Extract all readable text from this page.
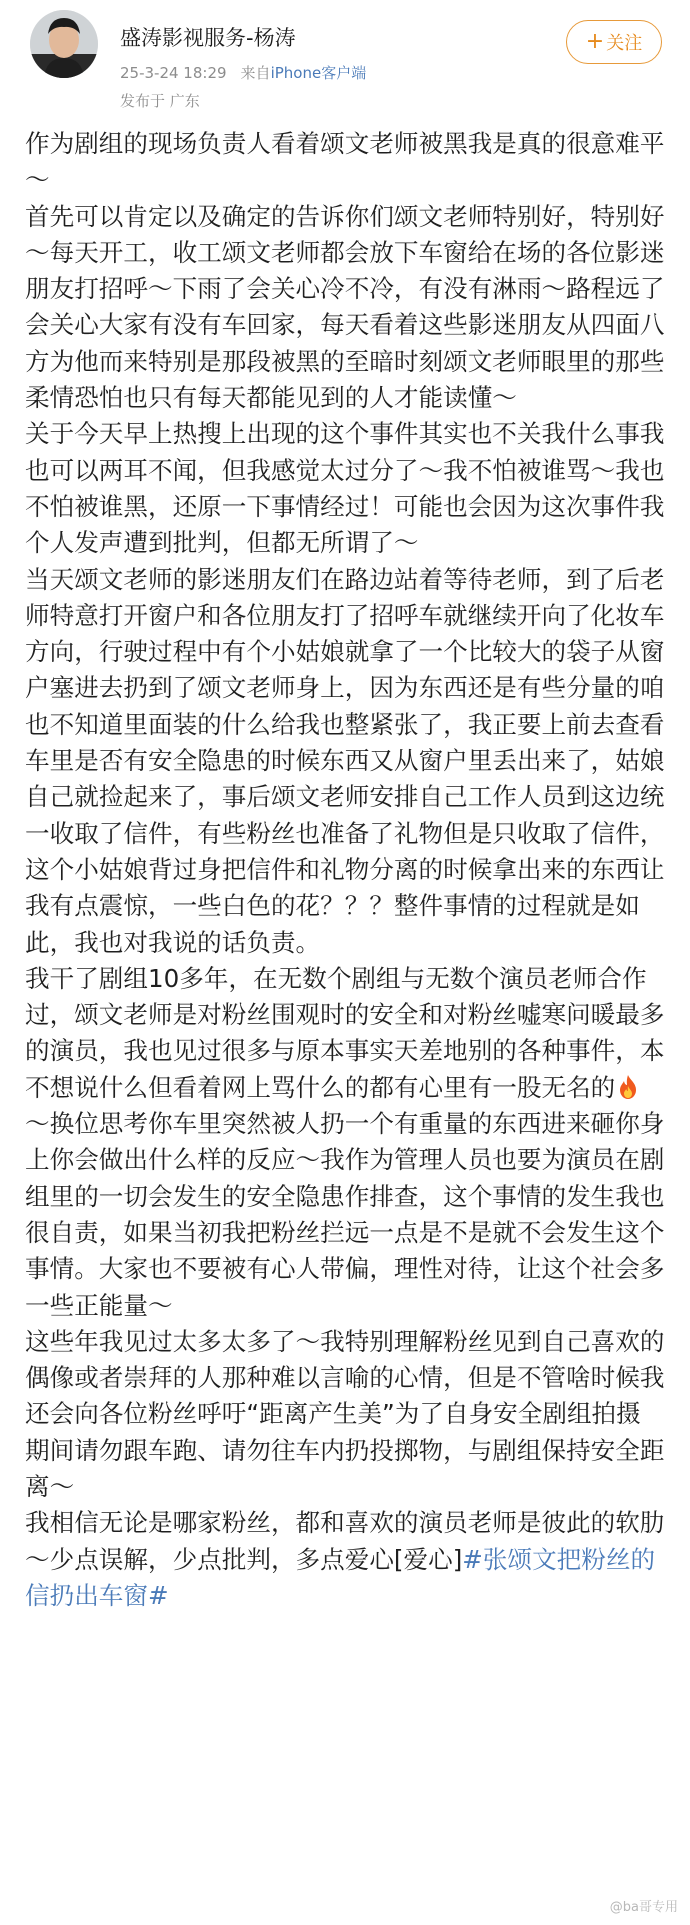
盛涛影视服务-杨涛
25-3-24 18:29 来自iPhone客户端
发布于 广东
+ 关注

作为剧组的现场负责人看着颂文老师被黑我是真的很意难平～

首先可以肯定以及确定的告诉你们颂文老师特别好，特别好～每天开工，收工颂文老师都会放下车窗给在场的各位影迷朋友打招呼～下雨了会关心冷不冷，有没有淋雨～路程远了会关心大家有没有车回家，每天看着这些影迷朋友从四面八方为他而来特别是那段被黑的至暗时刻颂文老师眼里的那些柔情恐怕也只有每天都能见到的人才能读懂～

关于今天早上热搜上出现的这个事件其实也不关我什么事我也可以两耳不闻，但我感觉太过分了～我不怕被谁骂～我也不怕被谁黑，还原一下事情经过！可能也会因为这次事件我个人发声遭到批判，但都无所谓了～

当天颂文老师的影迷朋友们在路边站着等待老师，到了后老师特意打开窗户和各位朋友打了招呼车就继续开向了化妆车方向，行驶过程中有个小姑娘就拿了一个比较大的袋子从窗户塞进去扔到了颂文老师身上，因为东西还是有些分量的咱也不知道里面装的什么给我也整紧张了，我正要上前去查看车里是否有安全隐患的时候东西又从窗户里丢出来了，姑娘自己就捡起来了，事后颂文老师安排自己工作人员到这边统一收取了信件，有些粉丝也准备了礼物但是只收取了信件，这个小姑娘背过身把信件和礼物分离的时候拿出来的东西让我有点震惊，一些白色的花？？？整件事情的过程就是如此，我也对我说的话负责。

我干了剧组10多年，在无数个剧组与无数个演员老师合作过，颂文老师是对粉丝围观时的安全和对粉丝嘘寒问暖最多的演员，我也见过很多与原本事实天差地别的各种事件，本不想说什么但看着网上骂什么的都有心里有一股无名的～换位思考你车里突然被人扔一个有重量的东西进来砸你身上你会做出什么样的反应～我作为管理人员也要为演员在剧组里的一切会发生的安全隐患作排查，这个事情的发生我也很自责，如果当初我把粉丝拦远一点是不是就不会发生这个事情。大家也不要被有心人带偏，理性对待，让这个社会多一些正能量～

这些年我见过太多太多了～我特别理解粉丝见到自己喜欢的偶像或者崇拜的人那种难以言喻的心情，但是不管啥时候我还会向各位粉丝呼吁“距离产生美”为了自身安全剧组拍摄期间请勿跟车跑、请勿往车内扔投掷物，与剧组保持安全距离～

我相信无论是哪家粉丝，都和喜欢的演员老师是彼此的软肋～少点误解，少点批判，多点爱心[爱心]#张颂文把粉丝的信扔出车窗#

@ba哥专用
